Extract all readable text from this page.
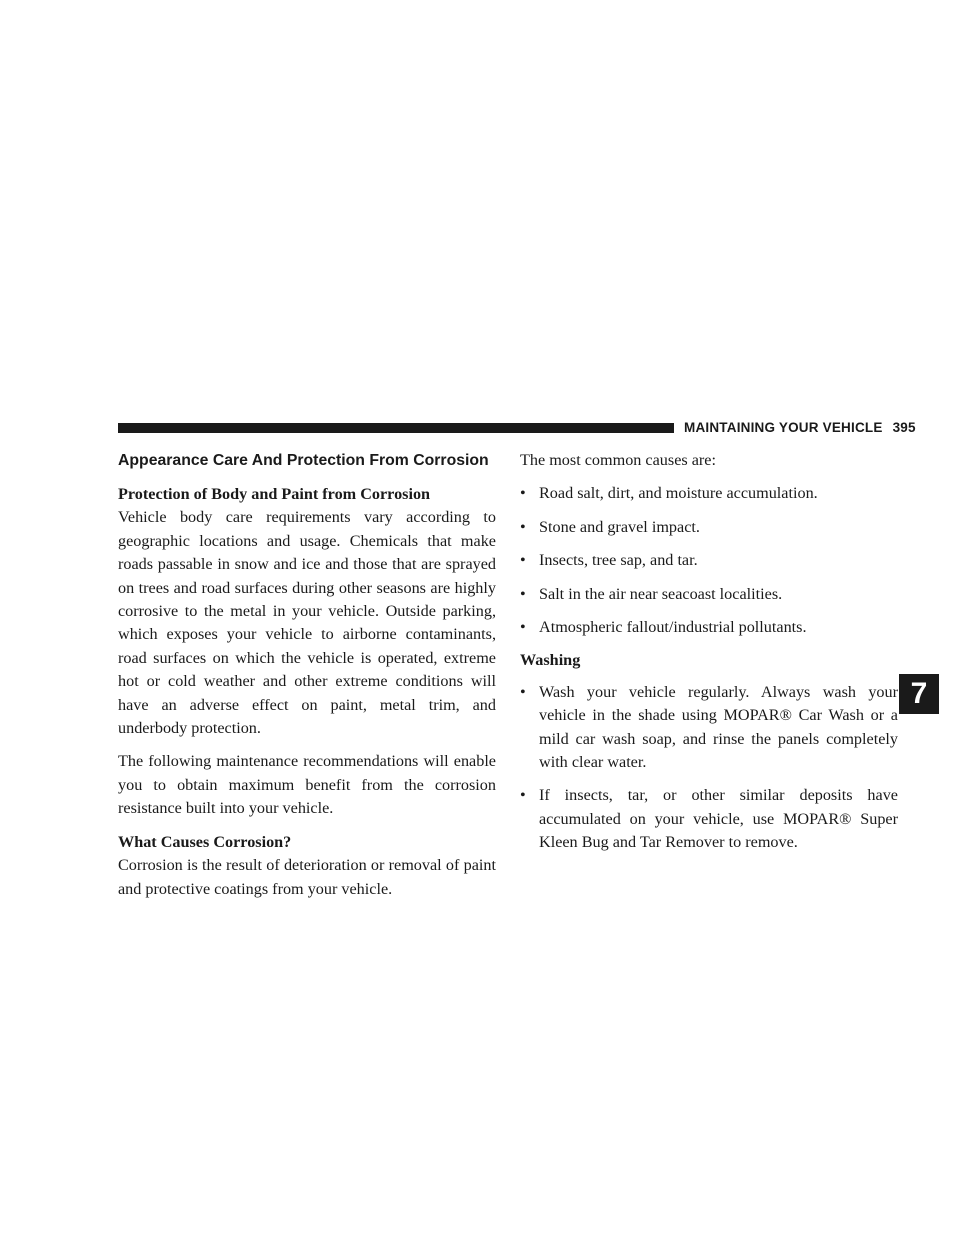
MAINTAINING YOUR VEHICLE 395
Appearance Care And Protection From Corrosion
Protection of Body and Paint from Corrosion

Vehicle body care requirements vary according to geographic locations and usage. Chemicals that make roads passable in snow and ice and those that are sprayed on trees and road surfaces during other seasons are highly corrosive to the metal in your vehicle. Outside parking, which exposes your vehicle to airborne contaminants, road surfaces on which the vehicle is operated, extreme hot or cold weather and other extreme conditions will have an adverse effect on paint, metal trim, and underbody protection.

The following maintenance recommendations will enable you to obtain maximum benefit from the corrosion resistance built into your vehicle.

What Causes Corrosion?

Corrosion is the result of deterioration or removal of paint and protective coatings from your vehicle.

The most common causes are:

• Road salt, dirt, and moisture accumulation.
• Stone and gravel impact.
• Insects, tree sap, and tar.
• Salt in the air near seacoast localities.
• Atmospheric fallout/industrial pollutants.
Washing
• Wash your vehicle regularly. Always wash your vehicle in the shade using MOPAR® Car Wash or a mild car wash soap, and rinse the panels completely with clear water.
• If insects, tar, or other similar deposits have accumulated on your vehicle, use MOPAR® Super Kleen Bug and Tar Remover to remove.
7
